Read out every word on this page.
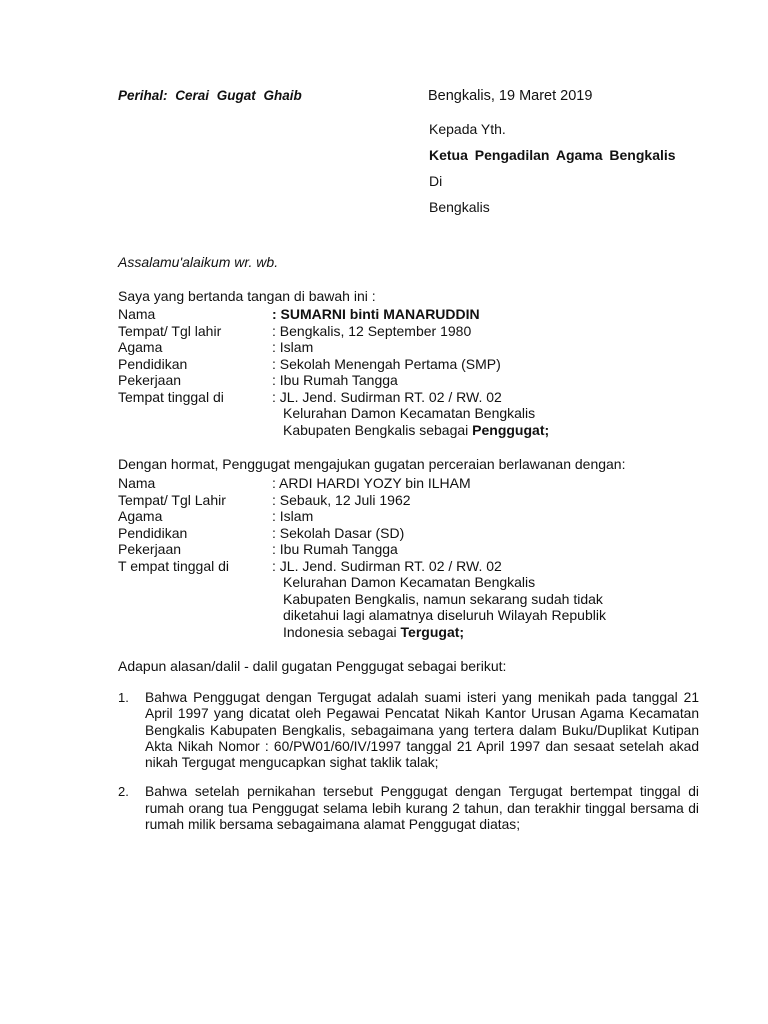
Perihal: Cerai Gugat Ghaib	Bengkalis, 19 Maret 2019
Kepada Yth.
Ketua Pengadilan Agama Bengkalis
Di
Bengkalis
Assalamu'alaikum wr. wb.
Saya yang bertanda tangan di bawah ini :
Nama	: SUMARNI binti MANARUDDIN
Tempat/ Tgl lahir	: Bengkalis, 12 September 1980
Agama	: Islam
Pendidikan	: Sekolah Menengah Pertama (SMP)
Pekerjaan	: Ibu Rumah Tangga
Tempat tinggal di	: JL. Jend. Sudirman RT. 02 / RW. 02
Kelurahan Damon Kecamatan Bengkalis
Kabupaten Bengkalis sebagai Penggugat;
Dengan hormat, Penggugat mengajukan gugatan perceraian berlawanan dengan:
Nama	: ARDI HARDI YOZY bin ILHAM
Tempat/ Tgl Lahir	: Sebauk, 12 Juli 1962
Agama	: Islam
Pendidikan	: Sekolah Dasar (SD)
Pekerjaan	: Ibu Rumah Tangga
T empat tinggal di	: JL. Jend. Sudirman RT. 02 / RW. 02
Kelurahan Damon Kecamatan Bengkalis
Kabupaten Bengkalis, namun sekarang sudah tidak
diketahui lagi alamatnya diseluruh Wilayah Republik
Indonesia sebagai Tergugat;
Adapun alasan/dalil - dalil gugatan Penggugat sebagai berikut:
1.	Bahwa Penggugat dengan Tergugat adalah suami isteri yang menikah pada tanggal 21 April 1997 yang dicatat oleh Pegawai Pencatat Nikah Kantor Urusan Agama Kecamatan Bengkalis Kabupaten Bengkalis, sebagaimana yang tertera dalam Buku/Duplikat Kutipan Akta Nikah Nomor : 60/PW01/60/IV/1997 tanggal 21 April 1997 dan sesaat setelah akad nikah Tergugat mengucapkan sighat taklik talak;
2.	Bahwa setelah pernikahan tersebut Penggugat dengan Tergugat bertempat tinggal di rumah orang tua Penggugat selama lebih kurang 2 tahun, dan terakhir tinggal bersama di rumah milik bersama sebagaimana alamat Penggugat diatas;
